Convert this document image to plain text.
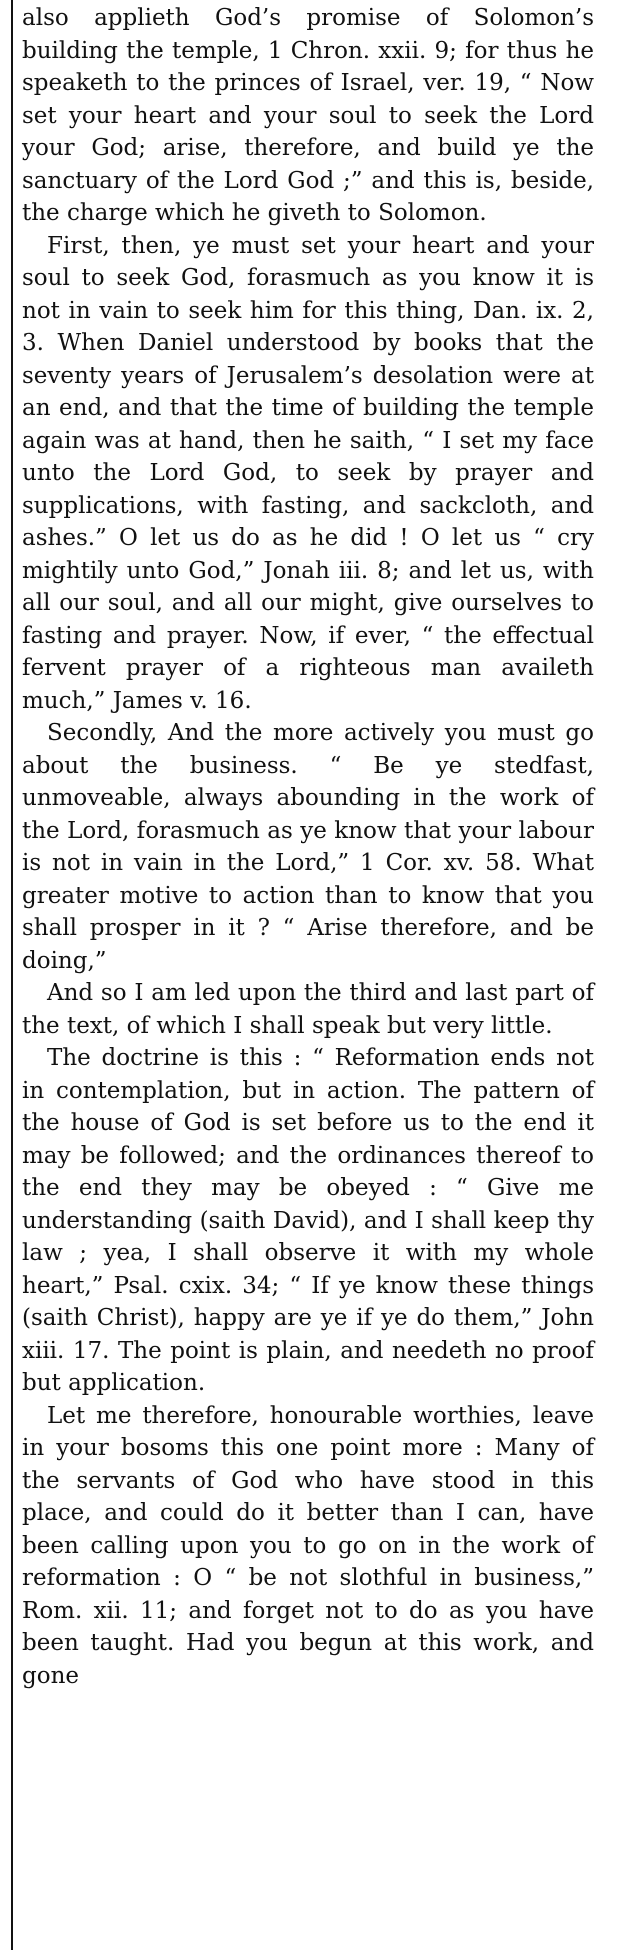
also applieth God’s promise of Solomon’s building the temple, 1 Chron. xxii. 9; for thus he speaketh to the princes of Israel, ver. 19, “ Now set your heart and your soul to seek the Lord your God; arise, therefore, and build ye the sanctuary of the Lord God ;” and this is, beside, the charge which he giveth to Solomon.

First, then, ye must set your heart and your soul to seek God, forasmuch as you know it is not in vain to seek him for this thing, Dan. ix. 2, 3. When Daniel understood by books that the seventy years of Jerusalem’s desolation were at an end, and that the time of building the temple again was at hand, then he saith, “ I set my face unto the Lord God, to seek by prayer and supplications, with fasting, and sackcloth, and ashes.” O let us do as he did ! O let us “ cry mightily unto God,” Jonah iii. 8; and let us, with all our soul, and all our might, give ourselves to fasting and prayer. Now, if ever, “ the effectual fervent prayer of a righteous man availeth much,” James v. 16.

Secondly, And the more actively you must go about the business. “ Be ye stedfast, unmoveable, always abounding in the work of the Lord, forasmuch as ye know that your labour is not in vain in the Lord,” 1 Cor. xv. 58. What greater motive to action than to know that you shall prosper in it ? “ Arise therefore, and be doing,”

And so I am led upon the third and last part of the text, of which I shall speak but very little.

The doctrine is this : “ Reformation ends not in contemplation, but in action. The pattern of the house of God is set before us to the end it may be followed; and the ordinances thereof to the end they may be obeyed : “ Give me understanding (saith David), and I shall keep thy law ; yea, I shall observe it with my whole heart,” Psal. cxix. 34; “ If ye know these things (saith Christ), happy are ye if ye do them,” John xiii. 17. The point is plain, and needeth no proof but application.

Let me therefore, honourable worthies, leave in your bosoms this one point more : Many of the servants of God who have stood in this place, and could do it better than I can, have been calling upon you to go on in the work of reformation : O “ be not slothful in business,” Rom. xii. 11; and forget not to do as you have been taught. Had you begun at this work, and gone
